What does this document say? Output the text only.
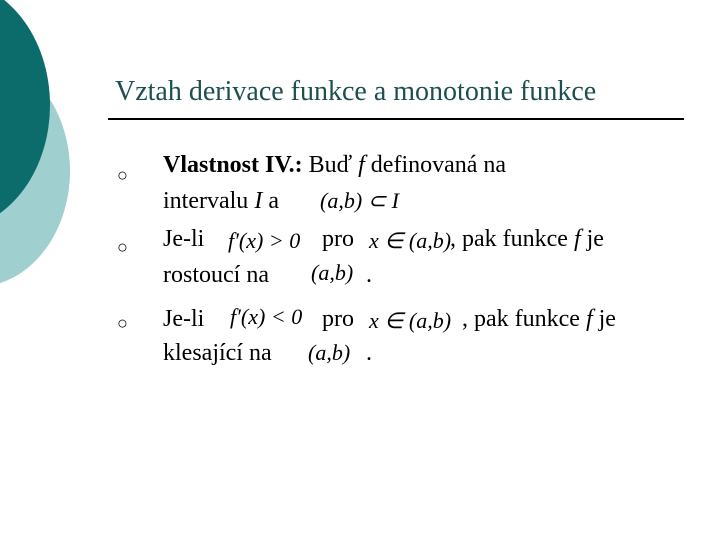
Vztah derivace funkce a monotonie funkce
○ Vlastnost IV.: Buď f definovaná na
intervalu I a (a,b) ⊂ I
○ Je-li f′(x) > 0 pro x ∈ (a,b)
, pak funkce f je
rostoucí na (a,b) .
○ Je-li f′(x) < 0 pro x ∈ (a,b) , pak funkce f je
klesající na (a,b) .
